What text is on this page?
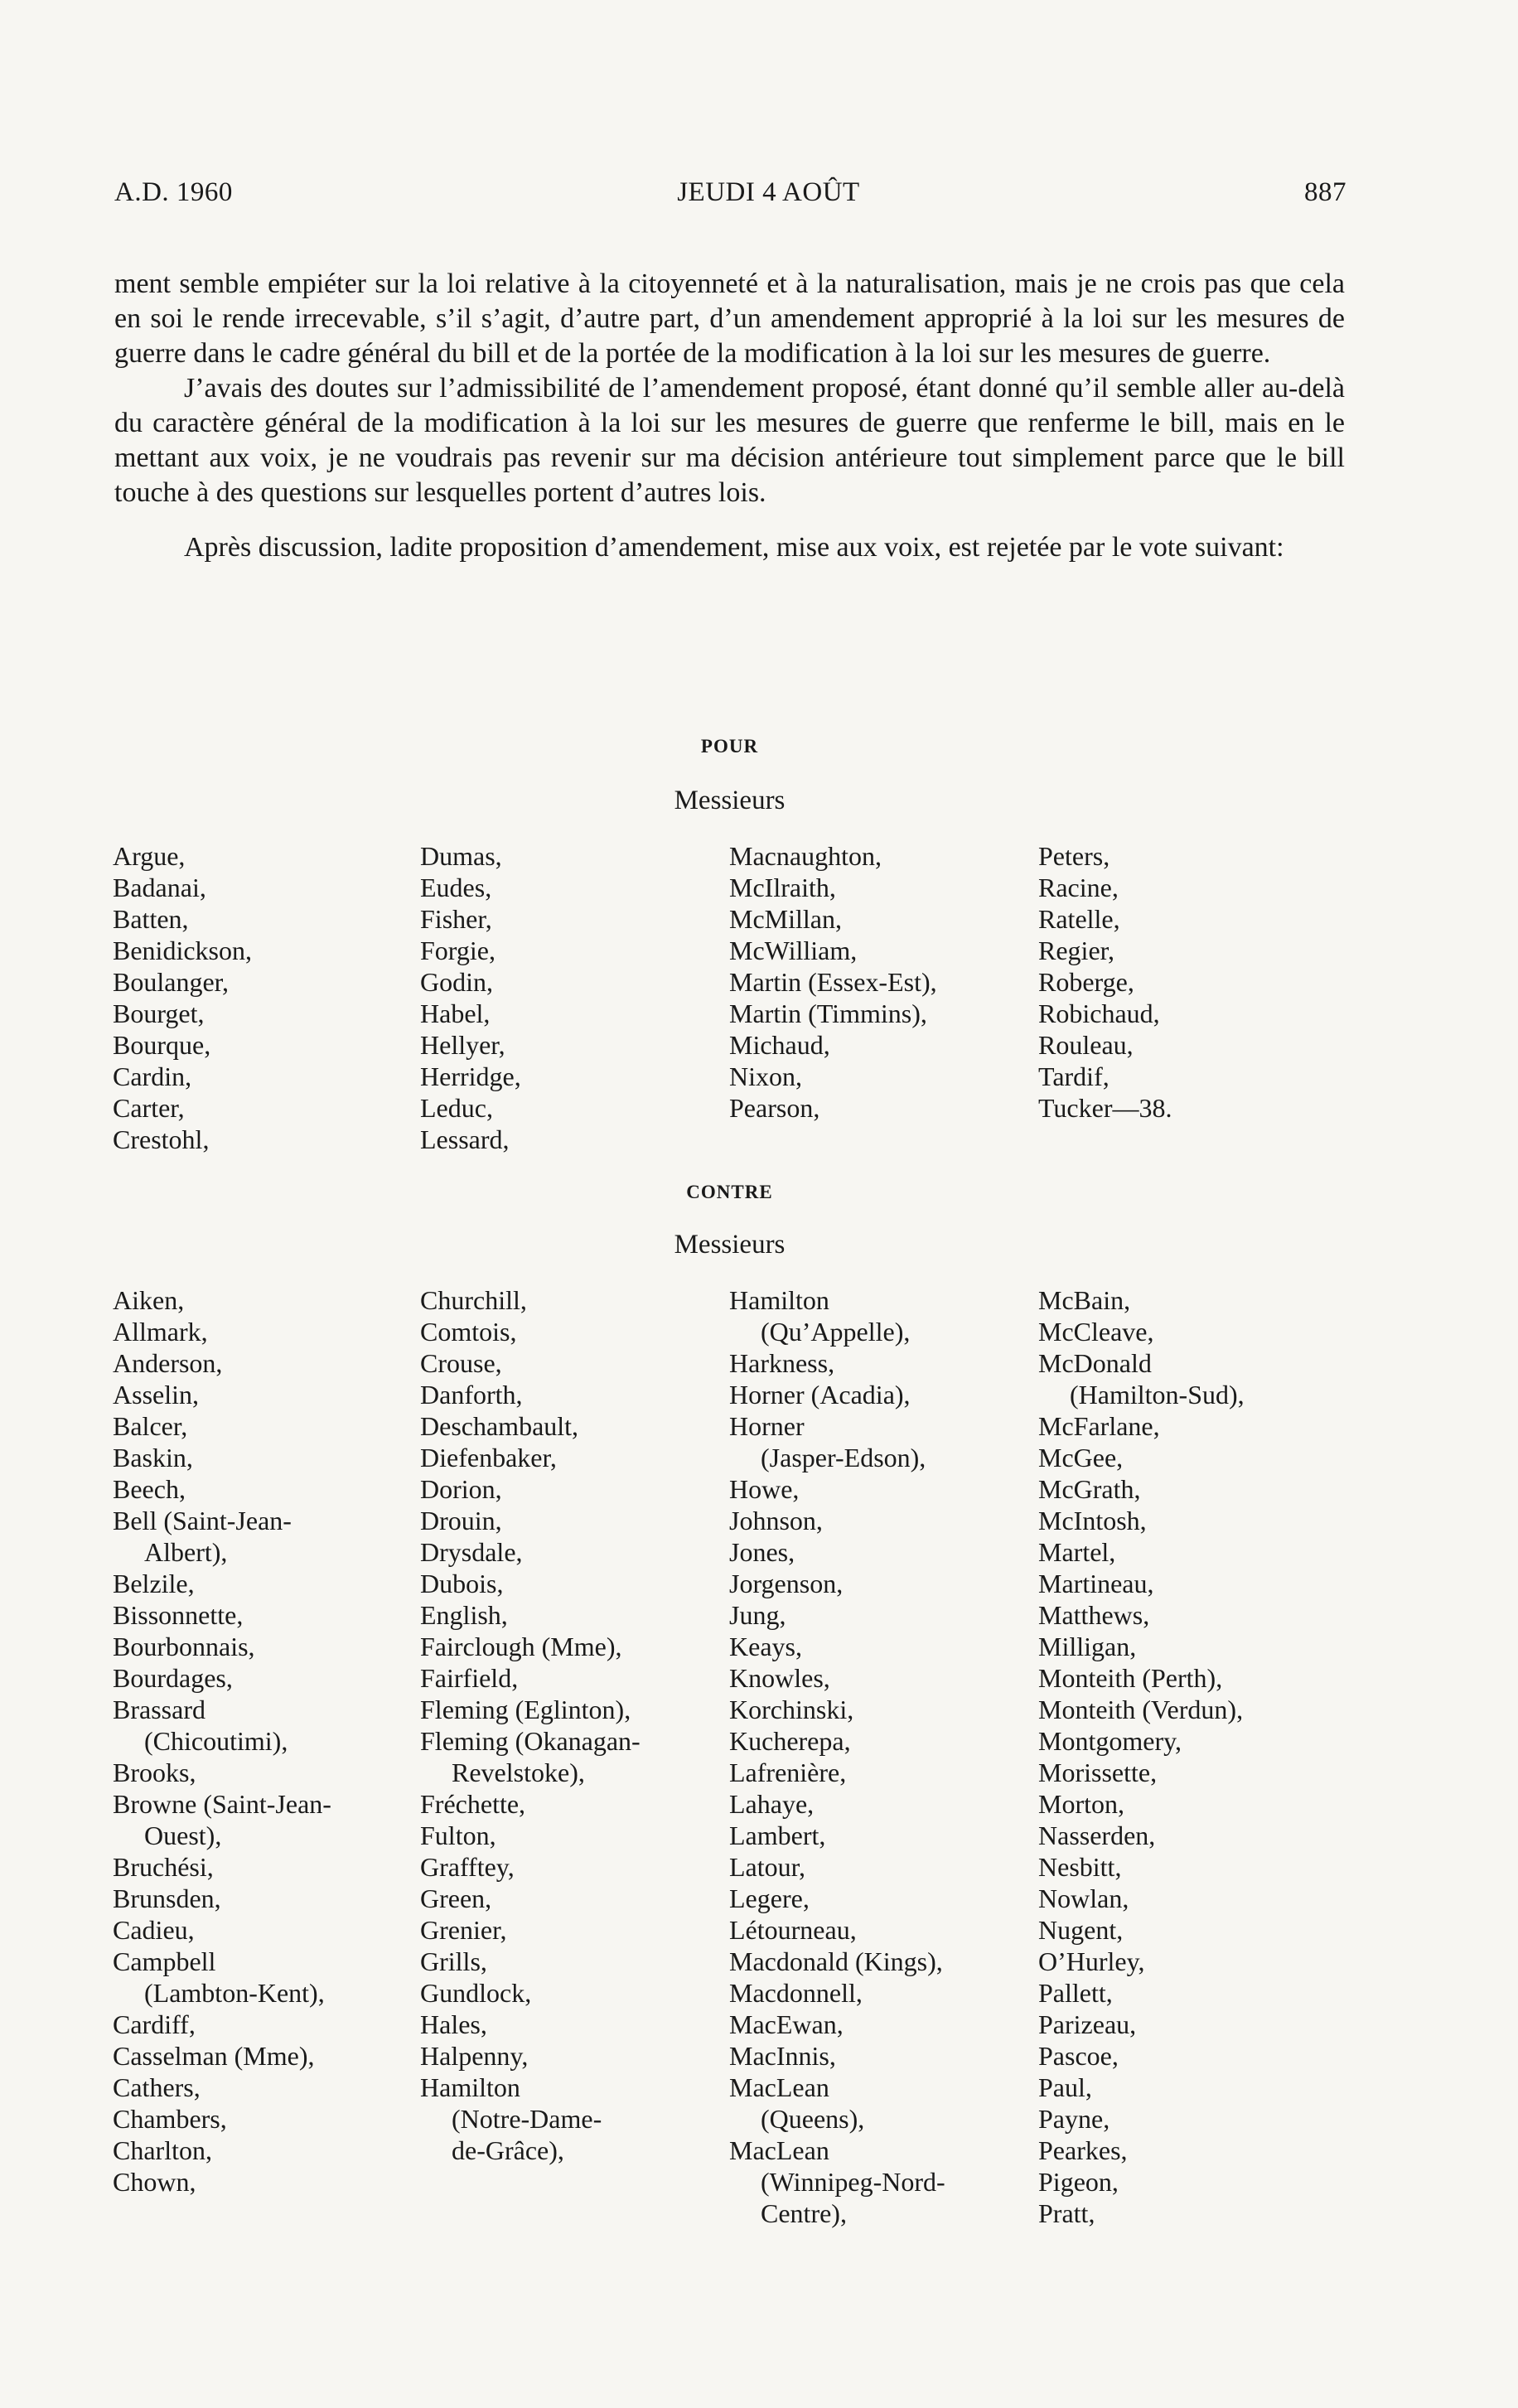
A.D. 1960	JEUDI 4 AOÛT	887

ment semble empiéter sur la loi relative à la citoyenneté et à la naturalisation, mais je ne crois pas que cela en soi le rende irrecevable, s’il s’agit, d’autre part, d’un amendement approprié à la loi sur les mesures de guerre dans le cadre général du bill et de la portée de la modification à la loi sur les mesures de guerre.

J’avais des doutes sur l’admissibilité de l’amendement proposé, étant donné qu’il semble aller au-delà du caractère général de la modification à la loi sur les mesures de guerre que renferme le bill, mais en le mettant aux voix, je ne voudrais pas revenir sur ma décision antérieure tout simplement parce que le bill touche à des questions sur lesquelles portent d’autres lois.

Après discussion, ladite proposition d’amendement, mise aux voix, est rejetée par le vote suivant:

POUR
Messieurs
Argue,
Badanai,
Batten,
Benidickson,
Boulanger,
Bourget,
Bourque,
Cardin,
Carter,
Crestohl,
Dumas,
Eudes,
Fisher,
Forgie,
Godin,
Habel,
Hellyer,
Herridge,
Leduc,
Lessard,
Macnaughton,
McIlraith,
McMillan,
McWilliam,
Martin (Essex-Est),
Martin (Timmins),
Michaud,
Nixon,
Pearson,
Peters,
Racine,
Ratelle,
Regier,
Roberge,
Robichaud,
Rouleau,
Tardif,
Tucker—38.
CONTRE
Messieurs
Aiken,
Allmark,
Anderson,
Asselin,
Balcer,
Baskin,
Beech,
Bell (Saint-Jean-
Albert),
Belzile,
Bissonnette,
Bourbonnais,
Bourdages,
Brassard
(Chicoutimi),
Brooks,
Browne (Saint-Jean-
Ouest),
Bruchési,
Brunsden,
Cadieu,
Campbell
(Lambton-Kent),
Cardiff,
Casselman (Mme),
Cathers,
Chambers,
Charlton,
Chown,
Churchill,
Comtois,
Crouse,
Danforth,
Deschambault,
Diefenbaker,
Dorion,
Drouin,
Drysdale,
Dubois,
English,
Fairclough (Mme),
Fairfield,
Fleming (Eglinton),
Fleming (Okanagan-
Revelstoke),
Fréchette,
Fulton,
Grafftey,
Green,
Grenier,
Grills,
Gundlock,
Hales,
Halpenny,
Hamilton
(Notre-Dame-
de-Grâce),
Hamilton
(Qu’Appelle),
Harkness,
Horner (Acadia),
Horner
(Jasper-Edson),
Howe,
Johnson,
Jones,
Jorgenson,
Jung,
Keays,
Knowles,
Korchinski,
Kucherepa,
Lafrenière,
Lahaye,
Lambert,
Latour,
Legere,
Létourneau,
Macdonald (Kings),
Macdonnell,
MacEwan,
MacInnis,
MacLean
(Queens),
MacLean
(Winnipeg-Nord-
Centre),
McBain,
McCleave,
McDonald
(Hamilton-Sud),
McFarlane,
McGee,
McGrath,
McIntosh,
Martel,
Martineau,
Matthews,
Milligan,
Monteith (Perth),
Monteith (Verdun),
Montgomery,
Morissette,
Morton,
Nasserden,
Nesbitt,
Nowlan,
Nugent,
O’Hurley,
Pallett,
Parizeau,
Pascoe,
Paul,
Payne,
Pearkes,
Pigeon,
Pratt,
